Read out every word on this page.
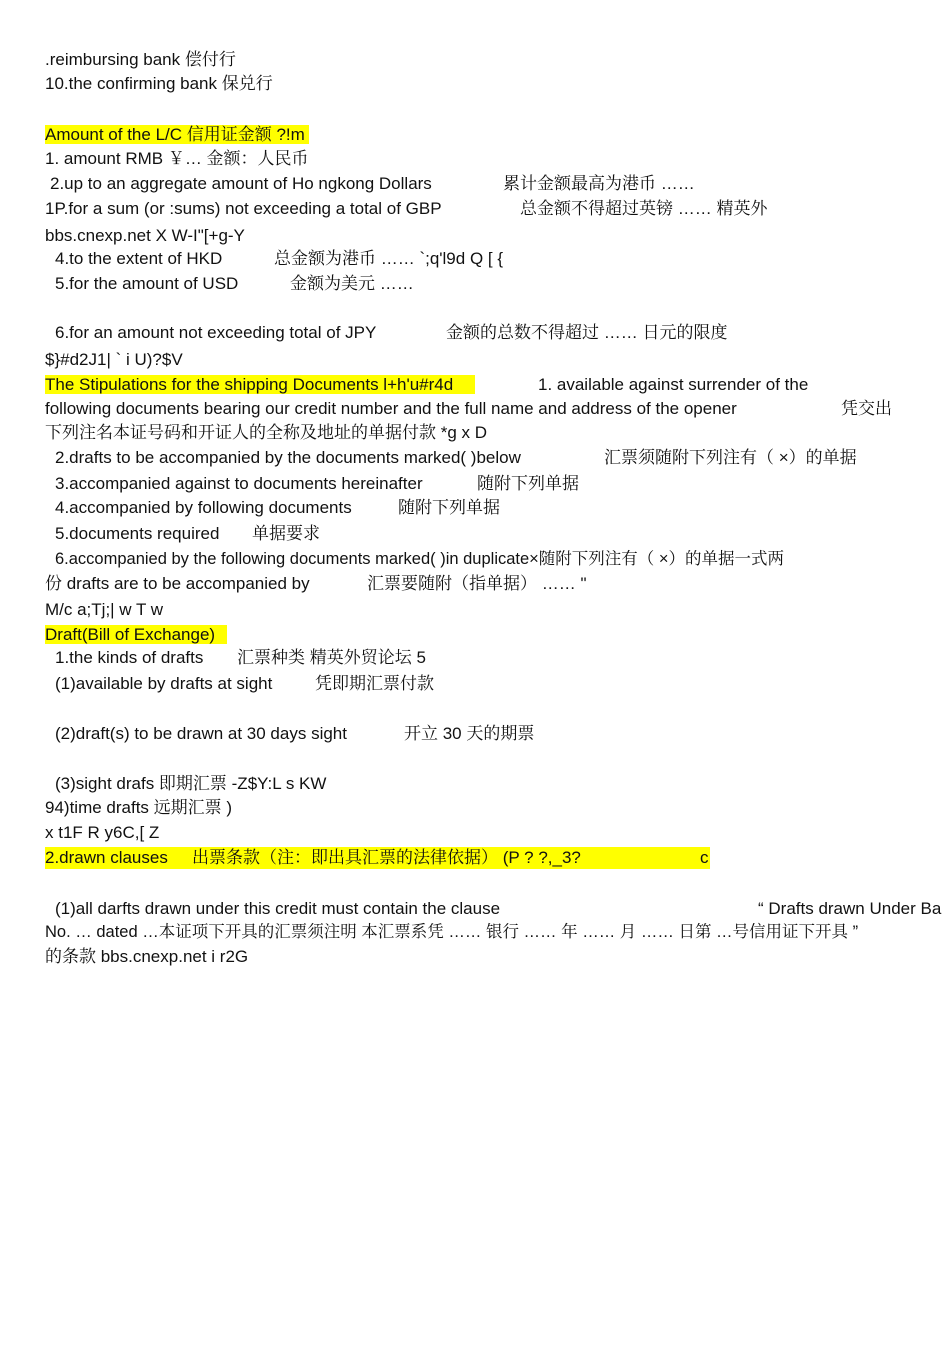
.reimbursing bank 偿付行
10.the confirming bank 保兑行
Amount of the L/C 信用证金额 ?!m
1. amount RMB ￥… 金额：人民币
2.up to an aggregate amount of Ho ngkong Dollars	累计金额最高为港币 ……
1P.for a sum (or :sums) not exceeding a total of GBP	总金额不得超过英镑 …… 精英外
bbs.cnexp.net X W-I"[+g-Y
4.to the extent of HKD	总金额为港币 …… `;q'l9d Q [ {
5.for the amount of USD	金额为美元 ……
6.for an amount not exceeding total of JPY	金额的总数不得超过 …… 日元的限度
$}#d2J1| ` i U)?$V
The Stipulations for the shipping Documents l+h'u#r4d	1. available against surrender of the
following documents bearing our credit number and the full name and address of the opener	凭交出
下列注名本证号码和开证人的全称及地址的单据付款 *g x D
2.drafts to be accompanied by the documents marked( )below	汇票须随附下列注有（ ×）的单据
3.accompanied against to documents hereinafter	随附下列单据
4.accompanied by following documents	随附下列单据
5.documents required 单据要求
6.accompanied by the following documents marked( )in duplicate×随附下列注有（ ×）的单据一式两
份 drafts are to be accompanied by	汇票要随附（指单据） …… "
M/c a;Tj;| w T w
Draft(Bill of Exchange)
1.the kinds of drafts 汇票种类 精英外贸论坛 5
(1)available by drafts at sight	凭即期汇票付款
(2)draft(s) to be drawn at 30 days sight	开立 30 天的期票
(3)sight drafs 即期汇票 -Z$Y:L s KW
94)time drafts 远期汇票 )
x t1F R y6C,[ Z
2.drawn clauses 出票条款（注：即出具汇票的法律依据） (P ? ?,_3?	c
(1)all darfts drawn under this credit must contain the clause	“ Drafts drawn Under Ba
No. … dated …本证项下开具的汇票须注明 本汇票系凭 …… 银行 …… 年 …… 月 …… 日第 …号信用证下开具 ”
的条款 bbs.cnexp.net i r2G
